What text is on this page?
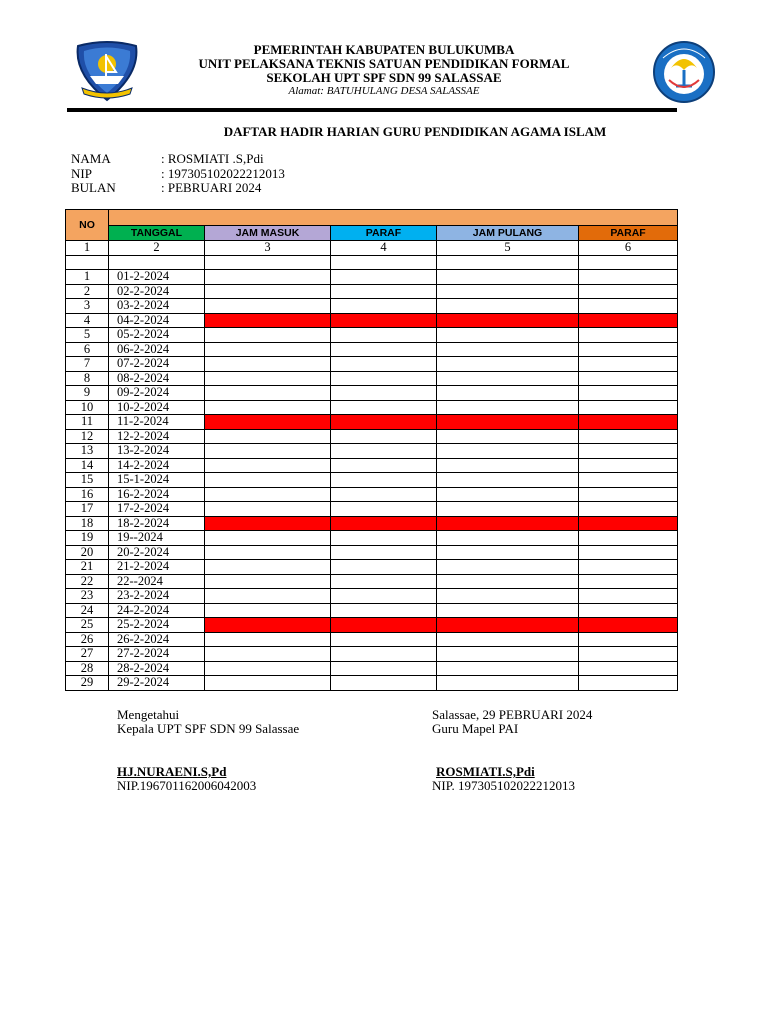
PEMERINTAH KABUPATEN BULUKUMBA
UNIT PELAKSANA TEKNIS SATUAN PENDIDIKAN FORMAL
SEKOLAH UPT SPF SDN 99 SALASSAE
Alamat: BATUHULANG DESA SALASSAE
DAFTAR HADIR HARIAN GURU PENDIDIKAN AGAMA ISLAM
NAMA	: ROSMIATI .S,Pdi
NIP	: 197305102022212013
BULAN	: PEBRUARI 2024
NO					
	TANGGAL	JAM MASUK	PARAF	JAM PULANG	PARAF
1	2	3	4	5	6

1	01-2-2024				
2	02-2-2024				
3	03-2-2024				
4	04-2-2024				
5	05-2-2024				
6	06-2-2024				
7	07-2-2024				
8	08-2-2024				
9	09-2-2024				
10	10-2-2024				
11	11-2-2024				
12	12-2-2024				
13	13-2-2024				
14	14-2-2024				
15	15-1-2024				
16	16-2-2024				
17	17-2-2024				
18	18-2-2024				
19	19--2024				
20	20-2-2024				
21	21-2-2024				
22	22--2024				
23	23-2-2024				
24	24-2-2024				
25	25-2-2024				
26	26-2-2024				
27	27-2-2024				
28	28-2-2024				
29	29-2-2024				
Mengetahui
Kepala UPT SPF SDN 99 Salassae
HJ.NURAENI.S,Pd
NIP.196701162006042003
Salassae, 29 PEBRUARI 2024
Guru Mapel PAI
ROSMIATI.S,Pdi
NIP. 197305102022212013
